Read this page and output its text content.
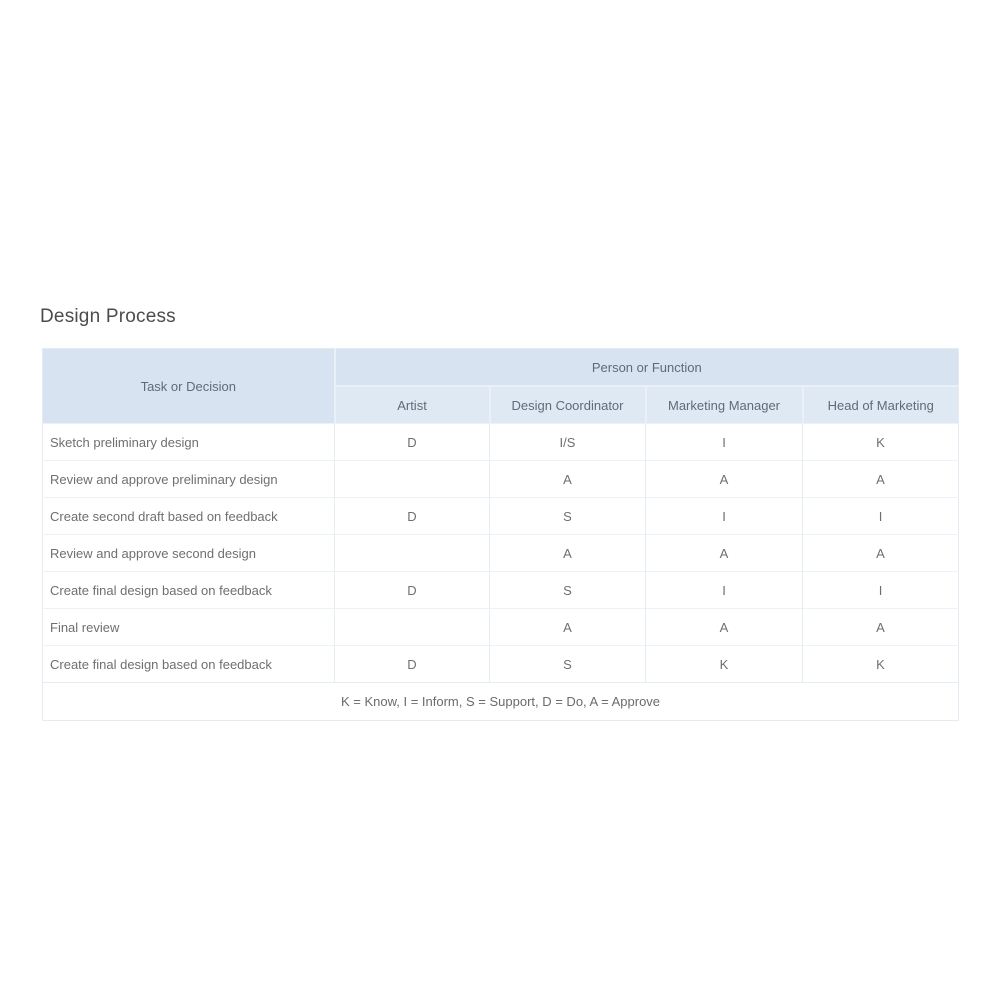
Design Process
Task or Decision	Person or Function			
	Artist	Design Coordinator	Marketing Manager	Head of Marketing
Sketch preliminary design	D	I/S	I	K
Review and approve preliminary design		A	A	A
Create second draft based on feedback	D	S	I	I
Review and approve second design		A	A	A
Create final design based on feedback	D	S	I	I
Final review		A	A	A
Create final design based on feedback	D	S	K	K
K = Know, I = Inform, S = Support, D = Do, A = Approve				
